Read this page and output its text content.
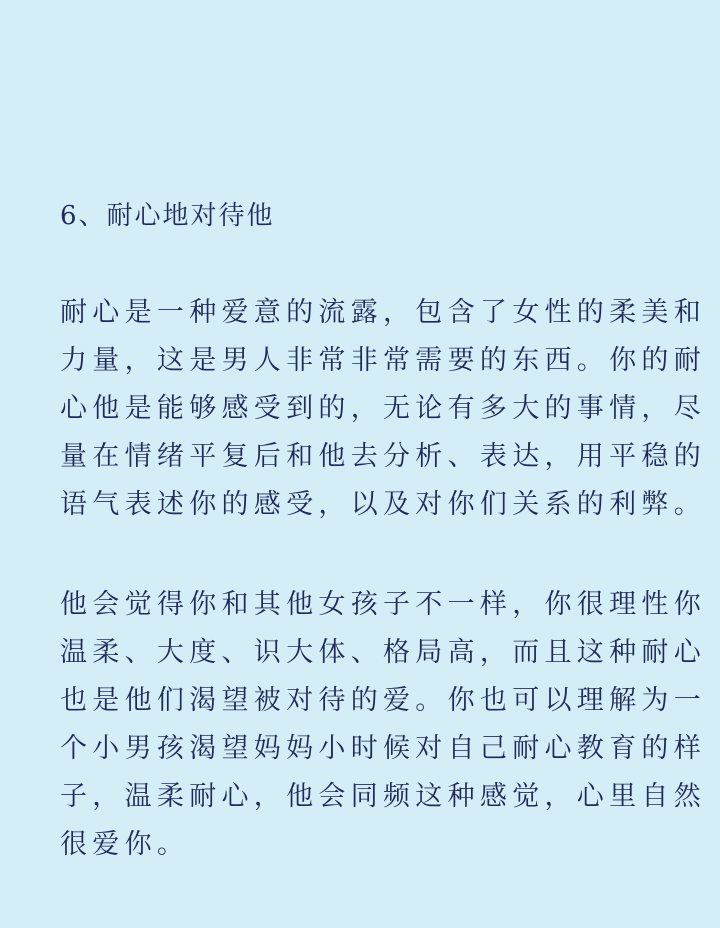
6、耐心地对待他

耐心是一种爱意的流露，包含了女性的柔美和
力量，这是男人非常非常需要的东西。你的耐
心他是能够感受到的，无论有多大的事情，尽
量在情绪平复后和他去分析、表达，用平稳的
语气表述你的感受，以及对你们关系的利弊。

他会觉得你和其他女孩子不一样，你很理性你
温柔、大度、识大体、格局高，而且这种耐心
也是他们渴望被对待的爱。你也可以理解为一
个小男孩渴望妈妈小时候对自己耐心教育的样
子，温柔耐心，他会同频这种感觉，心里自然
很爱你。
